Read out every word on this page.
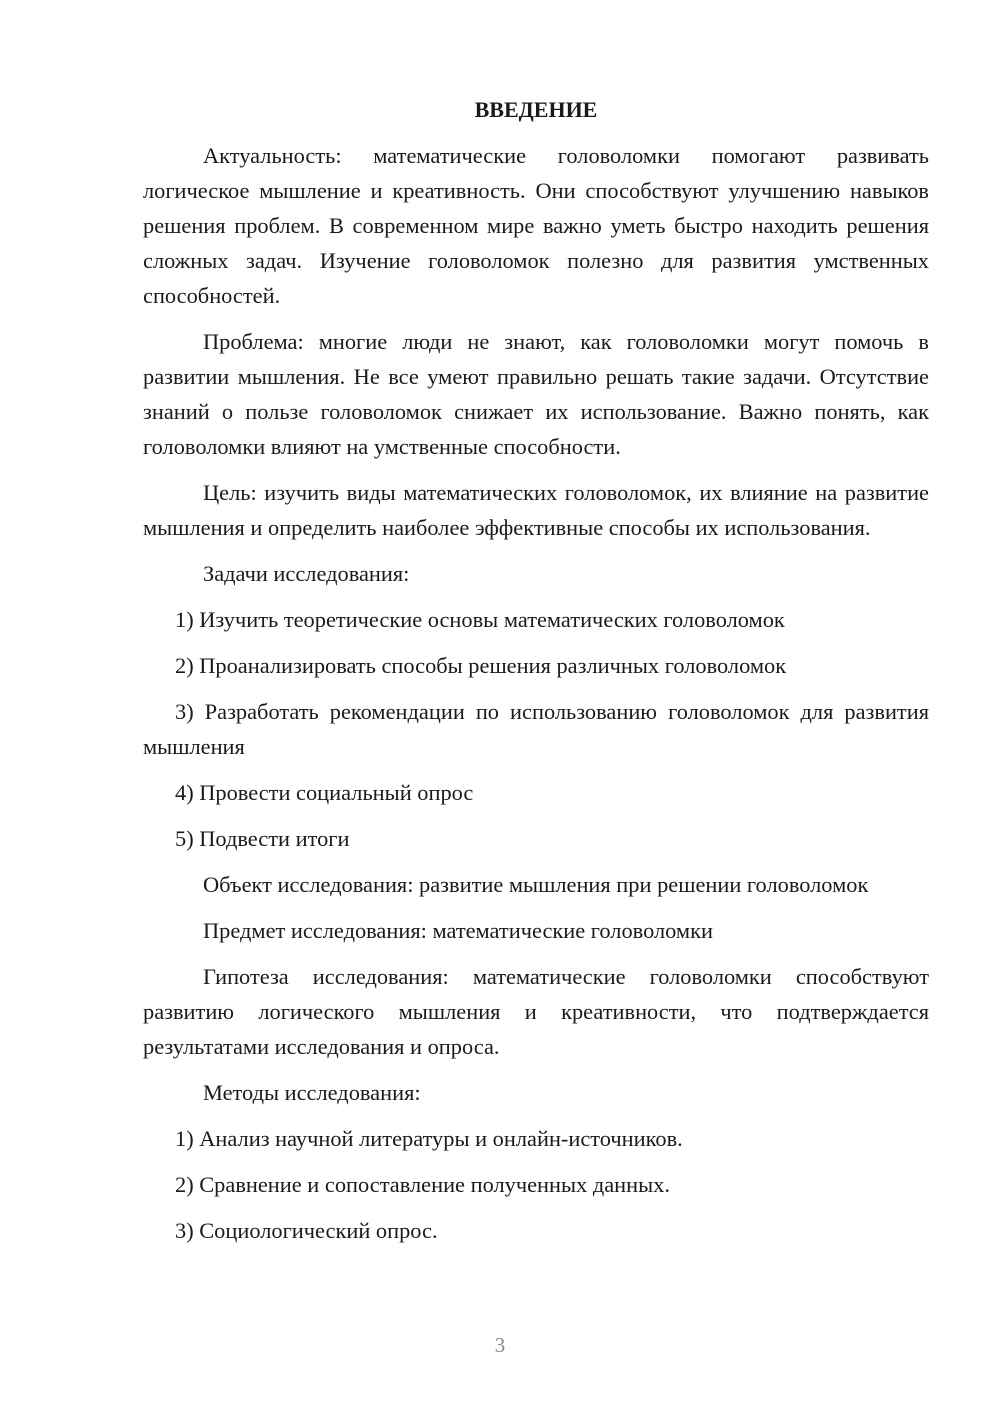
ВВЕДЕНИЕ

Актуальность: математические головоломки помогают развивать логическое мышление и креативность. Они способствуют улучшению навыков решения проблем. В современном мире важно уметь быстро находить решения сложных задач. Изучение головоломок полезно для развития умственных способностей.

Проблема: многие люди не знают, как головоломки могут помочь в развитии мышления. Не все умеют правильно решать такие задачи. Отсутствие знаний о пользе головоломок снижает их использование. Важно понять, как головоломки влияют на умственные способности.

Цель: изучить виды математических головоломок, их влияние на развитие мышления и определить наиболее эффективные способы их использования.

Задачи исследования:

1) Изучить теоретические основы математических головоломок

2) Проанализировать способы решения различных головоломок

3) Разработать рекомендации по использованию головоломок для развития мышления

4) Провести социальный опрос

5) Подвести итоги

Объект исследования: развитие мышления при решении головоломок

Предмет исследования: математические головоломки

Гипотеза исследования: математические головоломки способствуют развитию логического мышления и креативности, что подтверждается результатами исследования и опроса.

Методы исследования:

1) Анализ научной литературы и онлайн-источников.

2) Сравнение и сопоставление полученных данных.

3) Социологический опрос.

3
